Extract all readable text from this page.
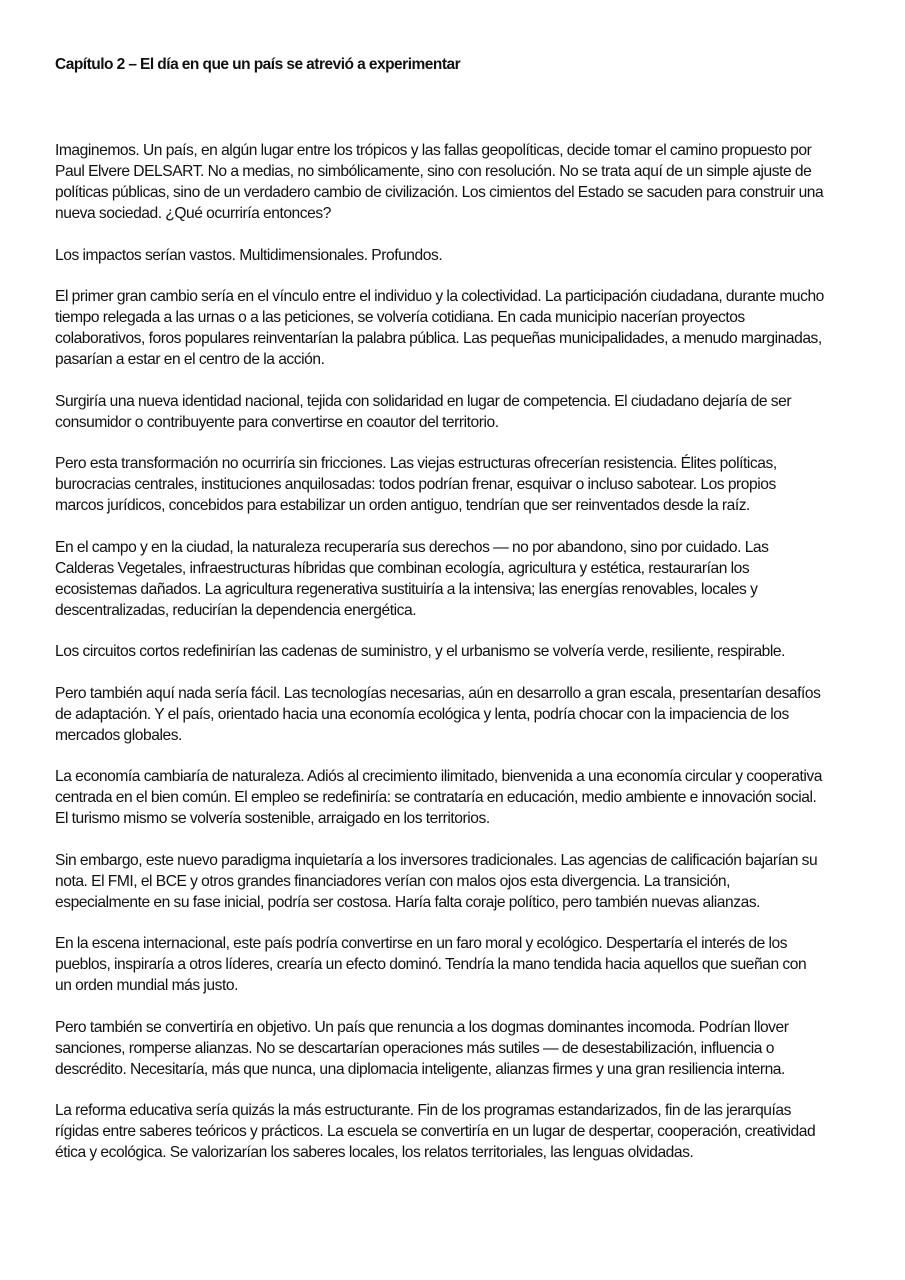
Capítulo 2 – El día en que un país se atrevió a experimentar

Imaginemos. Un país, en algún lugar entre los trópicos y las fallas geopolíticas, decide tomar el camino propuesto por
Paul Elvere DELSART. No a medias, no simbólicamente, sino con resolución. No se trata aquí de un simple ajuste de
políticas públicas, sino de un verdadero cambio de civilización. Los cimientos del Estado se sacuden para construir una
nueva sociedad. ¿Qué ocurriría entonces?

Los impactos serían vastos. Multidimensionales. Profundos.

El primer gran cambio sería en el vínculo entre el individuo y la colectividad. La participación ciudadana, durante mucho
tiempo relegada a las urnas o a las peticiones, se volvería cotidiana. En cada municipio nacerían proyectos
colaborativos, foros populares reinventarían la palabra pública. Las pequeñas municipalidades, a menudo marginadas,
pasarían a estar en el centro de la acción.

Surgiría una nueva identidad nacional, tejida con solidaridad en lugar de competencia. El ciudadano dejaría de ser
consumidor o contribuyente para convertirse en coautor del territorio.

Pero esta transformación no ocurriría sin fricciones. Las viejas estructuras ofrecerían resistencia. Élites políticas,
burocracias centrales, instituciones anquilosadas: todos podrían frenar, esquivar o incluso sabotear. Los propios
marcos jurídicos, concebidos para estabilizar un orden antiguo, tendrían que ser reinventados desde la raíz.

En el campo y en la ciudad, la naturaleza recuperaría sus derechos — no por abandono, sino por cuidado. Las
Calderas Vegetales, infraestructuras híbridas que combinan ecología, agricultura y estética, restaurarían los
ecosistemas dañados. La agricultura regenerativa sustituiría a la intensiva; las energías renovables, locales y
descentralizadas, reducirían la dependencia energética.

Los circuitos cortos redefinirían las cadenas de suministro, y el urbanismo se volvería verde, resiliente, respirable.

Pero también aquí nada sería fácil. Las tecnologías necesarias, aún en desarrollo a gran escala, presentarían desafíos
de adaptación. Y el país, orientado hacia una economía ecológica y lenta, podría chocar con la impaciencia de los
mercados globales.

La economía cambiaría de naturaleza. Adiós al crecimiento ilimitado, bienvenida a una economía circular y cooperativa
centrada en el bien común. El empleo se redefiniría: se contrataría en educación, medio ambiente e innovación social.
El turismo mismo se volvería sostenible, arraigado en los territorios.

Sin embargo, este nuevo paradigma inquietaría a los inversores tradicionales. Las agencias de calificación bajarían su
nota. El FMI, el BCE y otros grandes financiadores verían con malos ojos esta divergencia. La transición,
especialmente en su fase inicial, podría ser costosa. Haría falta coraje político, pero también nuevas alianzas.

En la escena internacional, este país podría convertirse en un faro moral y ecológico. Despertaría el interés de los
pueblos, inspiraría a otros líderes, crearía un efecto dominó. Tendría la mano tendida hacia aquellos que sueñan con
un orden mundial más justo.

Pero también se convertiría en objetivo. Un país que renuncia a los dogmas dominantes incomoda. Podrían llover
sanciones, romperse alianzas. No se descartarían operaciones más sutiles — de desestabilización, influencia o
descrédito. Necesitaría, más que nunca, una diplomacia inteligente, alianzas firmes y una gran resiliencia interna.

La reforma educativa sería quizás la más estructurante. Fin de los programas estandarizados, fin de las jerarquías
rígidas entre saberes teóricos y prácticos. La escuela se convertiría en un lugar de despertar, cooperación, creatividad
ética y ecológica. Se valorizarían los saberes locales, los relatos territoriales, las lenguas olvidadas.
